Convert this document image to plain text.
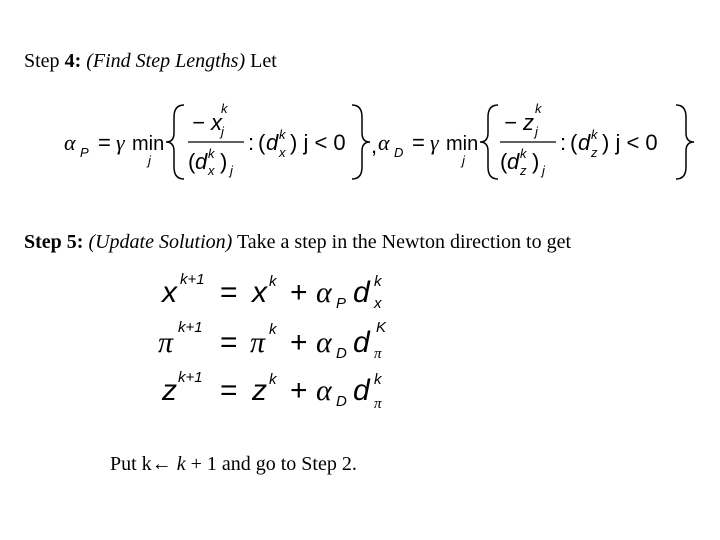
Step 4: (Find Step Lengths) Let
α P = γ min
j
− x
k
j
( d k
x ) j
: ( d k
x ) j < 0 , α D = γ min
j
− z
k
j
( d k
z ) j
: ( d k
z ) j < 0
Step 5: (Update Solution) Take a step in the Newton direction to get
x k+1 = x k + α P d k
x
π k+1 = π k + α D d K
π
z k+1 = z k + α D d k
π
Put k← k + 1 and go to Step 2.
